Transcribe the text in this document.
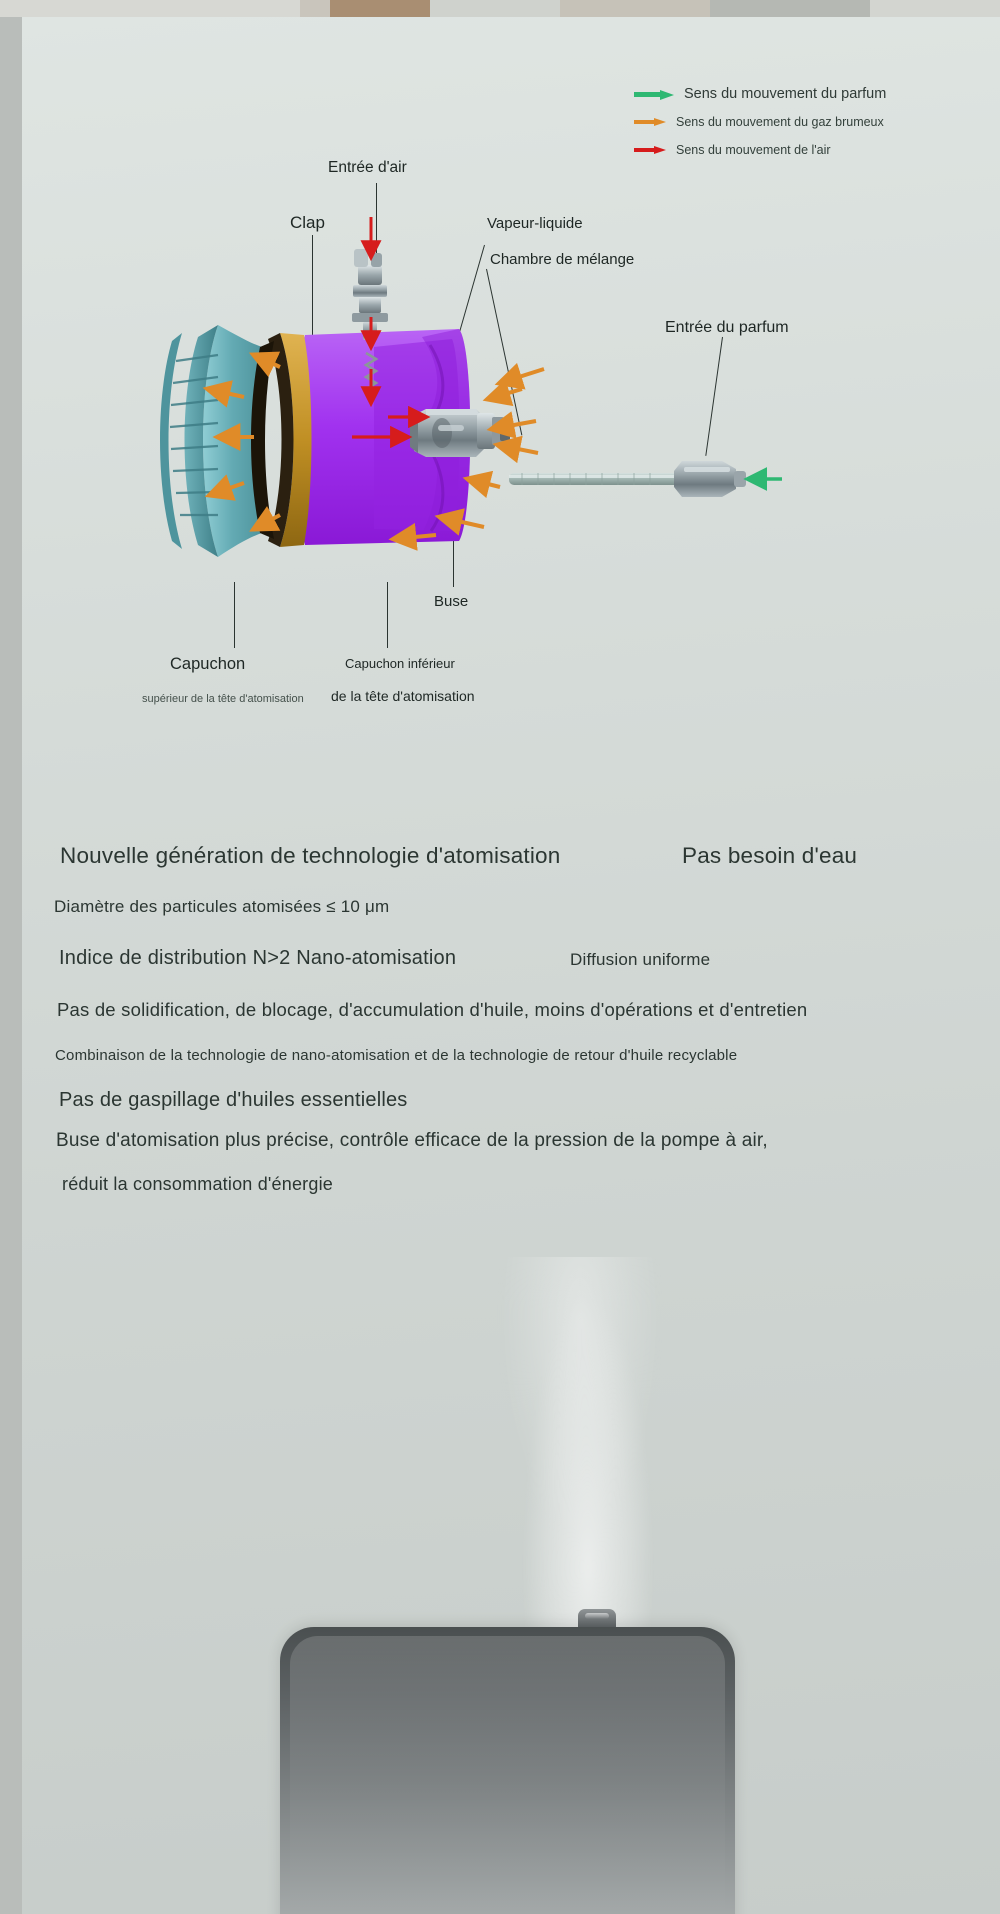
Sens du mouvement du parfum
Sens du mouvement du gaz brumeux
Sens du mouvement de l'air
Entrée d'air
Clap	Vapeur-liquide
Chambre de mélange
Entrée du parfum
Buse
Capuchon
supérieur de la tête d'atomisation
Capuchon inférieur
de la tête d'atomisation
Nouvelle génération de technologie d'atomisation	Pas besoin d'eau
Diamètre des particules atomisées ≤ 10 μm
Indice de distribution N>2 Nano-atomisation	Diffusion uniforme
Pas de solidification, de blocage, d'accumulation d'huile, moins d'opérations et d'entretien
Combinaison de la technologie de nano-atomisation et de la technologie de retour d'huile recyclable
Pas de gaspillage d'huiles essentielles
Buse d'atomisation plus précise, contrôle efficace de la pression de la pompe à air,
réduit la consommation d'énergie
